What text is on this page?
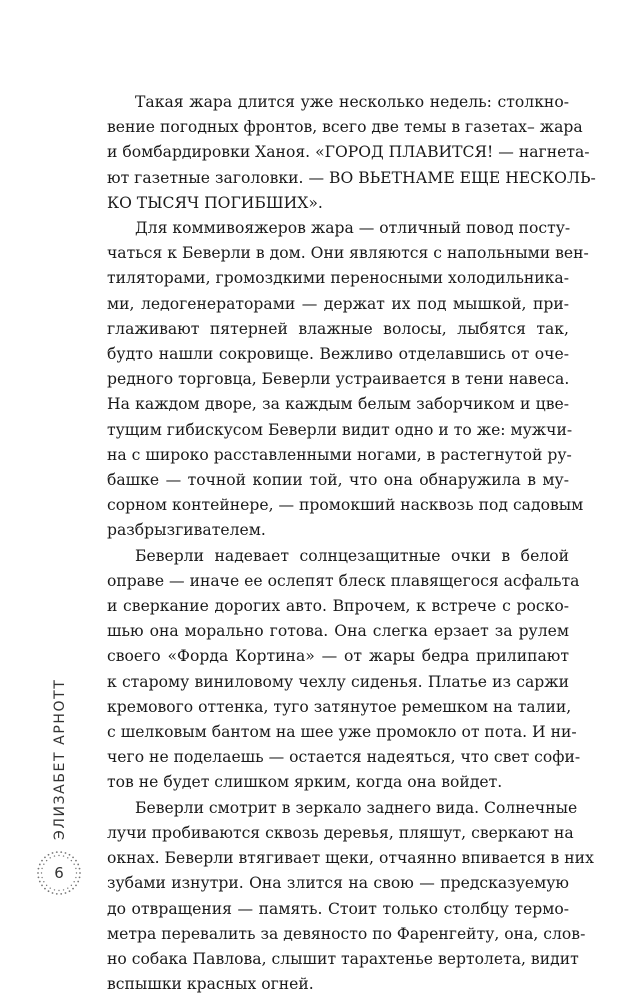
Такая жара длится уже несколько недель: столкно-
вение погодных фронтов, всего две темы в газетах– жара
и бомбардировки Ханоя. «ГОРОД ПЛАВИТСЯ! — нагнета-
ют газетные заголовки. — ВО ВЬЕТНАМЕ ЕЩЕ НЕСКОЛЬ-
КО ТЫСЯЧ ПОГИБШИХ».
Для коммивояжеров жара — отличный повод посту-
чаться к Беверли в дом. Они являются с напольными вен-
тиляторами, громоздкими переносными холодильника-
ми, ледогенераторами — держат их под мышкой, при-
глаживают пятерней влажные волосы, лыбятся так,
будто нашли сокровище. Вежливо отделавшись от оче-
редного торговца, Беверли устраивается в тени навеса.
На каждом дворе, за каждым белым заборчиком и цве-
тущим гибискусом Беверли видит одно и то же: мужчи-
на с широко расставленными ногами, в растегнутой ру-
башке — точной копии той, что она обнаружила в му-
сорном контейнере, — промокший насквозь под садовым
разбрызгивателем.
Беверли надевает солнцезащитные очки в белой
оправе — иначе ее ослепят блеск плавящегося асфальта
и сверкание дорогих авто. Впрочем, к встрече с роско-
шью она морально готова. Она слегка ерзает за рулем
своего «Форда Кортина» — от жары бедра прилипают
к старому виниловому чехлу сиденья. Платье из саржи
кремового оттенка, туго затянутое ремешком на талии,
с шелковым бантом на шее уже промокло от пота. И ни-
чего не поделаешь — остается надеяться, что свет софи-
тов не будет слишком ярким, когда она войдет.
Беверли смотрит в зеркало заднего вида. Солнечные
лучи пробиваются сквозь деревья, пляшут, сверкают на
окнах. Беверли втягивает щеки, отчаянно впивается в них
зубами изнутри. Она злится на свою — предсказуемую
до отвращения — память. Стоит только столбцу термо-
метра перевалить за девяносто по Фаренгейту, она, слов-
но собака Павлова, слышит тарахтенье вертолета, видит
вспышки красных огней.
ЭЛИЗАБЕТ АРНОТТ
6
